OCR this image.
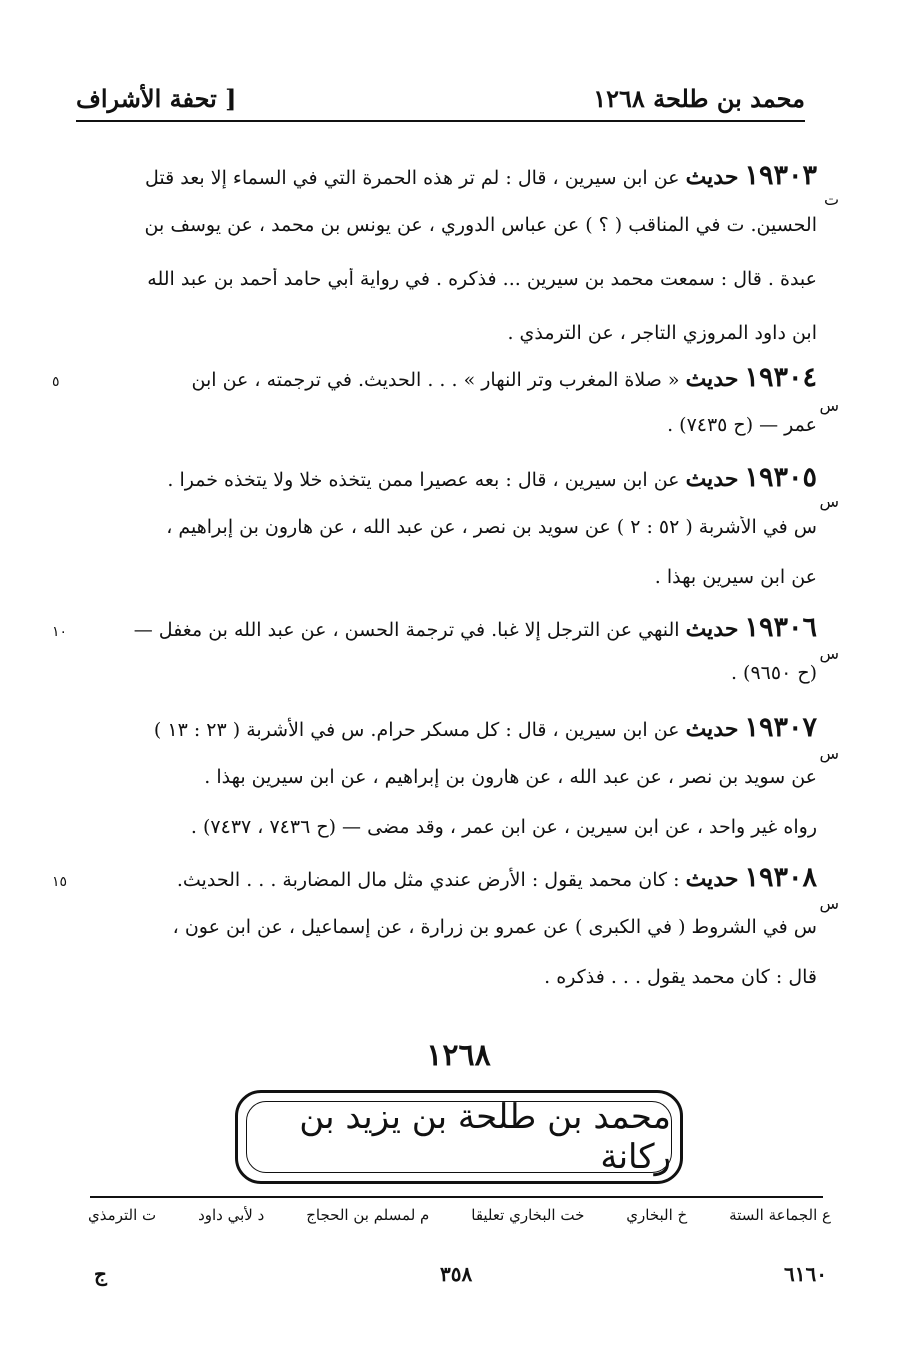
محمد بن طلحة ١٢٦٨
[ تحفة الأشراف
١٩٣٠٣ حديث عن ابن سيرين ، قال : لم تر هذه الحمرة التي في السماء إلا بعد قتل
ت
الحسين. ت في المناقب ( ؟ ) عن عباس الدوري ، عن يونس بن محمد ، عن يوسف بن
عبدة . قال : سمعت محمد بن سيرين ... فذكره . في رواية أبي حامد أحمد بن عبد الله
ابن داود المروزي التاجر ، عن الترمذي .
١٩٣٠٤ حديث « صلاة المغرب وتر النهار » . . . الحديث. في ترجمته ، عن ابن
٥
س
عمر — (ح ٧٤٣٥) .
١٩٣٠٥ حديث عن ابن سيرين ، قال : بعه عصيرا ممن يتخذه خلا ولا يتخذه خمرا .
س
س في الأشربة ( ٥٢ : ٢ ) عن سويد بن نصر ، عن عبد الله ، عن هارون بن إبراهيم ،
عن ابن سيرين بهذا .
١٩٣٠٦ حديث النهي عن الترجل إلا غبا. في ترجمة الحسن ، عن عبد الله بن مغفل —
١٠
س
(ح ٩٦٥٠) .
١٩٣٠٧ حديث عن ابن سيرين ، قال : كل مسكر حرام. س في الأشربة ( ٢٣ : ١٣ )
س
عن سويد بن نصر ، عن عبد الله ، عن هارون بن إبراهيم ، عن ابن سيرين بهذا .
رواه غير واحد ، عن ابن سيرين ، عن ابن عمر ، وقد مضى — (ح ٧٤٣٦ ، ٧٤٣٧) .
١٩٣٠٨ حديث : كان محمد يقول : الأرض عندي مثل مال المضاربة . . . الحديث.
١٥
س
س في الشروط ( في الكبرى ) عن عمرو بن زرارة ، عن إسماعيل ، عن ابن عون ،
قال : كان محمد يقول . . . فذكره .
١٢٦٨
محمد بن طلحة بن يزيد بن ركانة
ع الجماعة الستة
خ البخاري
خت البخاري تعليقا
م لمسلم بن الحجاج
د لأبي داود
ت الترمذي
ج	٣٥٨	٦١٦٠
